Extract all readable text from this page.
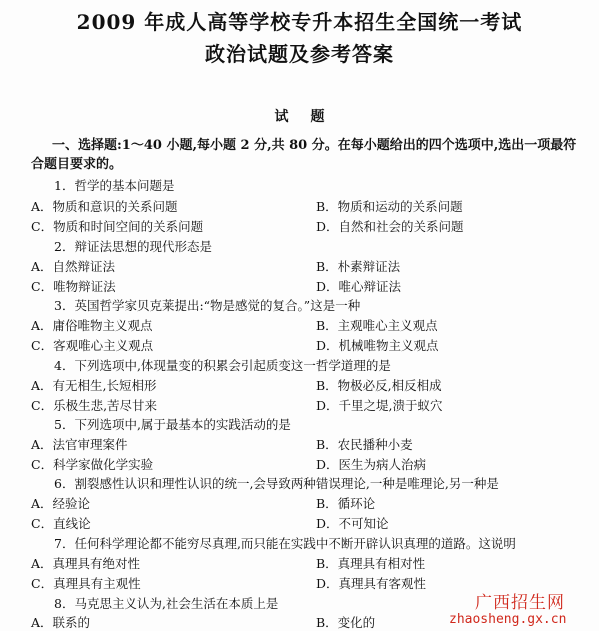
2009 年成人高等学校专升本招生全国统一考试
政治试题及参考答案
试题
一、选择题:1～40 小题,每小题 2 分,共 80 分。在每小题给出的四个选项中,选出一项最符
合题目要求的。
1．哲学的基本问题是
A．物质和意识的关系问题	B．物质和运动的关系问题
C．物质和时间空间的关系问题	D．自然和社会的关系问题
2．辩证法思想的现代形态是
A．自然辩证法	B．朴素辩证法
C．唯物辩证法	D．唯心辩证法
3．英国哲学家贝克莱提出:“物是感觉的复合。”这是一种
A．庸俗唯物主义观点	B．主观唯心主义观点
C．客观唯心主义观点	D．机械唯物主义观点
4．下列选项中,体现量变的积累会引起质变这一哲学道理的是
A．有无相生,长短相形	B．物极必反,相反相成
C．乐极生悲,苦尽甘来	D．千里之堤,溃于蚁穴
5．下列选项中,属于最基本的实践活动的是
A．法官审理案件	B．农民播种小麦
C．科学家做化学实验	D．医生为病人治病
6．割裂感性认识和理性认识的统一,会导致两种错误理论,一种是唯理论,另一种是
A．经验论	B．循环论
C．直线论	D．不可知论
7．任何科学理论都不能穷尽真理,而只能在实践中不断开辟认识真理的道路。这说明
A．真理具有绝对性	B．真理具有相对性
C．真理具有主观性	D．真理具有客观性
8．马克思主义认为,社会生活在本质上是
A．联系的	B．变化的
广西招生网
zhaosheng.gx.cn
